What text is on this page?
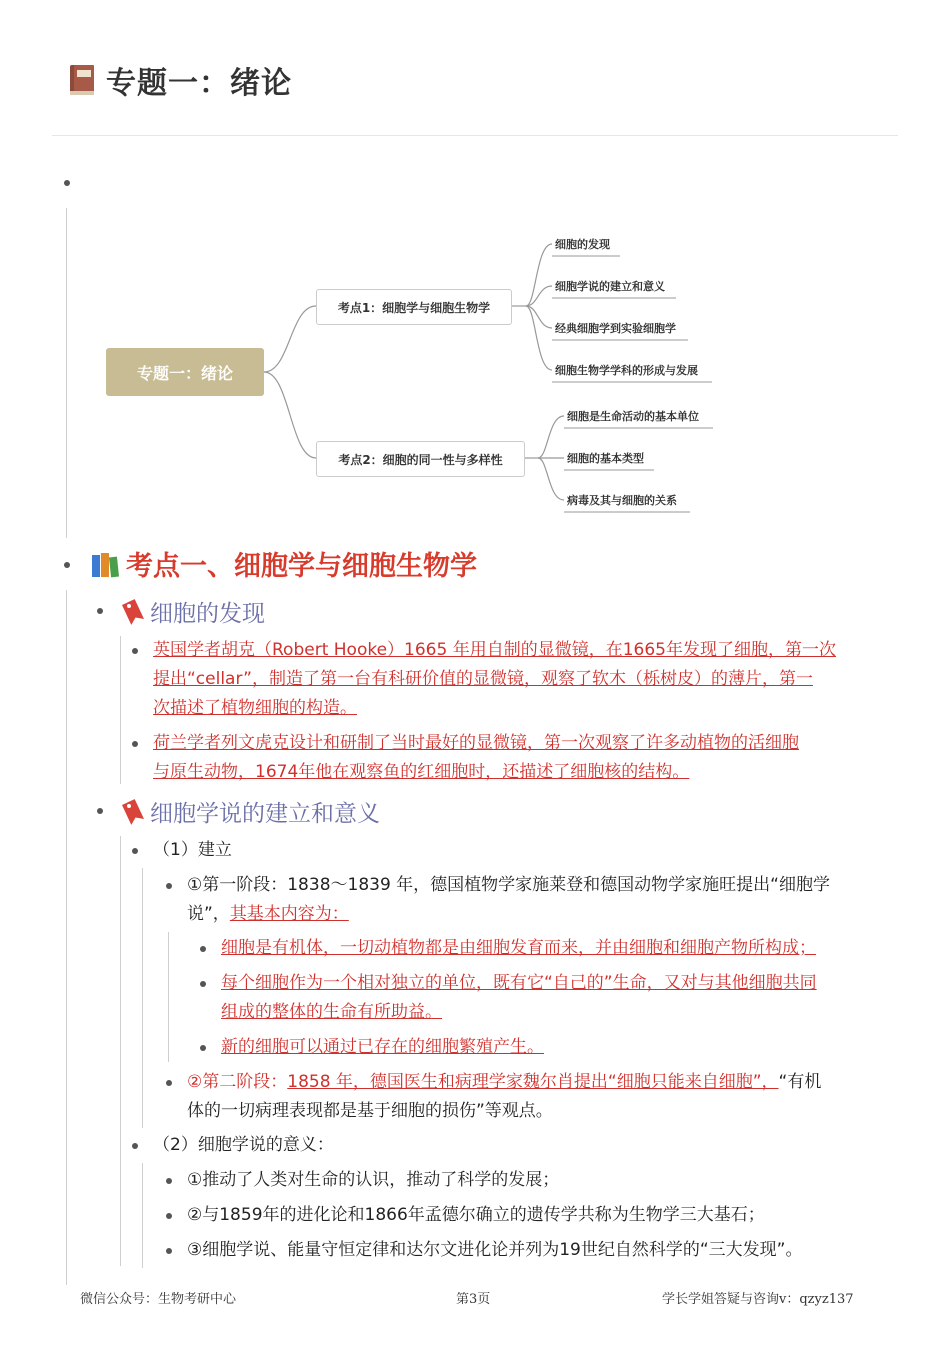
专题一：绪论
专题一：绪论
考点1：细胞学与细胞生物学
考点2：细胞的同一性与多样性
细胞的发现
细胞学说的建立和意义
经典细胞学到实验细胞学
细胞生物学学科的形成与发展
细胞是生命活动的基本单位
细胞的基本类型
病毒及其与细胞的关系
考点一、细胞学与细胞生物学
细胞的发现
英国学者胡克（Robert Hooke）1665 年用自制的显微镜，在1665年发现了细胞，第一次
提出“cellar”，制造了第一台有科研价值的显微镜，观察了软木（栎树皮）的薄片，第一
次描述了植物细胞的构造。
荷兰学者列文虎克设计和研制了当时最好的显微镜，第一次观察了许多动植物的活细胞
与原生动物，1674年他在观察鱼的红细胞时，还描述了细胞核的结构。
细胞学说的建立和意义
（1）建立
①第一阶段：1838～1839 年，德国植物学家施莱登和德国动物学家施旺提出“细胞学
说”，其基本内容为：
细胞是有机体，一切动植物都是由细胞发育而来，并由细胞和细胞产物所构成；
每个细胞作为一个相对独立的单位，既有它“自己的”生命，又对与其他细胞共同
组成的整体的生命有所助益。
新的细胞可以通过已存在的细胞繁殖产生。
②第二阶段：1858 年，德国医生和病理学家魏尔肖提出“细胞只能来自细胞”，“有机
体的一切病理表现都是基于细胞的损伤”等观点。
（2）细胞学说的意义：
①推动了人类对生命的认识，推动了科学的发展；
②与1859年的进化论和1866年孟德尔确立的遗传学共称为生物学三大基石；
③细胞学说、能量守恒定律和达尔文进化论并列为19世纪自然科学的“三大发现”。
微信公众号：生物考研中心	第3页	学长学姐答疑与咨询v：qzyz137
